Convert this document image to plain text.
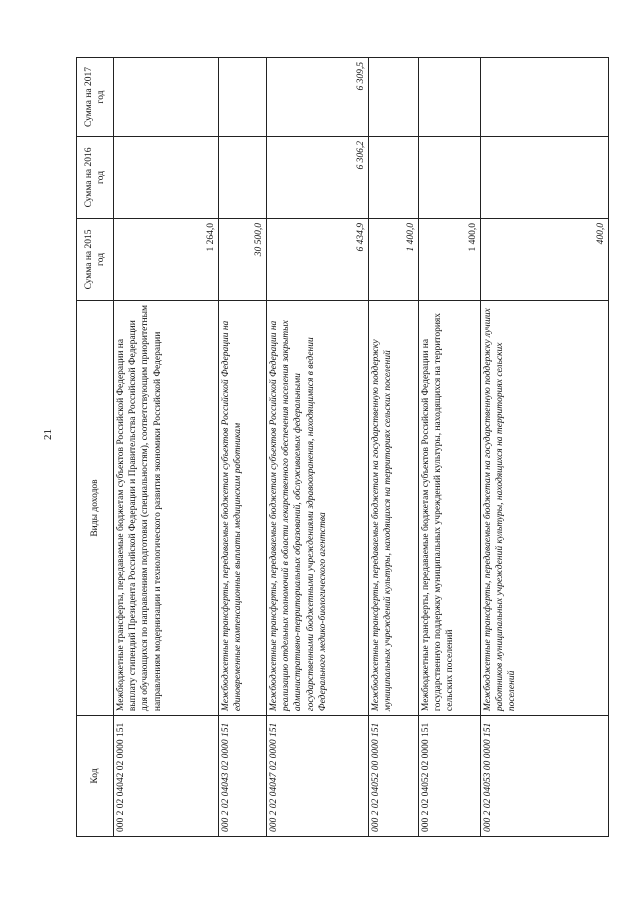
21
Код	Виды доходов	Сумма на 2015 год	Сумма на 2016 год	Сумма на 2017 год
000 2 02 04042 02 0000 151	Межбюджетные трансферты, передаваемые бюджетам субъектов Российской Федерации на выплату стипендий Президента Российской Федерации и Правительства Российской Федерации для обучающихся по направлениям подготовки (специальностям), соответствующим приоритетным направлениям модернизации и технологического развития экономики Российской Федерации	1 264,0		
000 2 02 04043 02 0000 151	Межбюджетные трансферты, передаваемые бюджетам субъектов Российской Федерации на единовременные компенсационные выплаты медицинским работникам	30 500,0		
000 2 02 04047 02 0000 151	Межбюджетные трансферты, передаваемые бюджетам субъектов Российской Федерации на реализацию отдельных полномочий в области лекарственного обеспечения населения закрытых административно-территориальных образований, обслуживаемых федеральными государственными бюджетными учреждениями здравоохранения, находящимися в ведении Федерального медико-биологического агентства	6 434,9	6 306,2	6 309,5
000 2 02 04052 00 0000 151	Межбюджетные трансферты, передаваемые бюджетам на государственную поддержку муниципальных учреждений культуры, находящихся на территориях сельских поселений	1 400,0		
000 2 02 04052 02 0000 151	Межбюджетные трансферты, передаваемые бюджетам субъектов Российской Федерации на государственную поддержку муниципальных учреждений культуры, находящихся на территориях сельских поселений	1 400,0		
000 2 02 04053 00 0000 151	Межбюджетные трансферты, передаваемые бюджетам на государственную поддержку лучших работников муниципальных учреждений культуры, находящихся на территориях сельских поселений	400,0		
